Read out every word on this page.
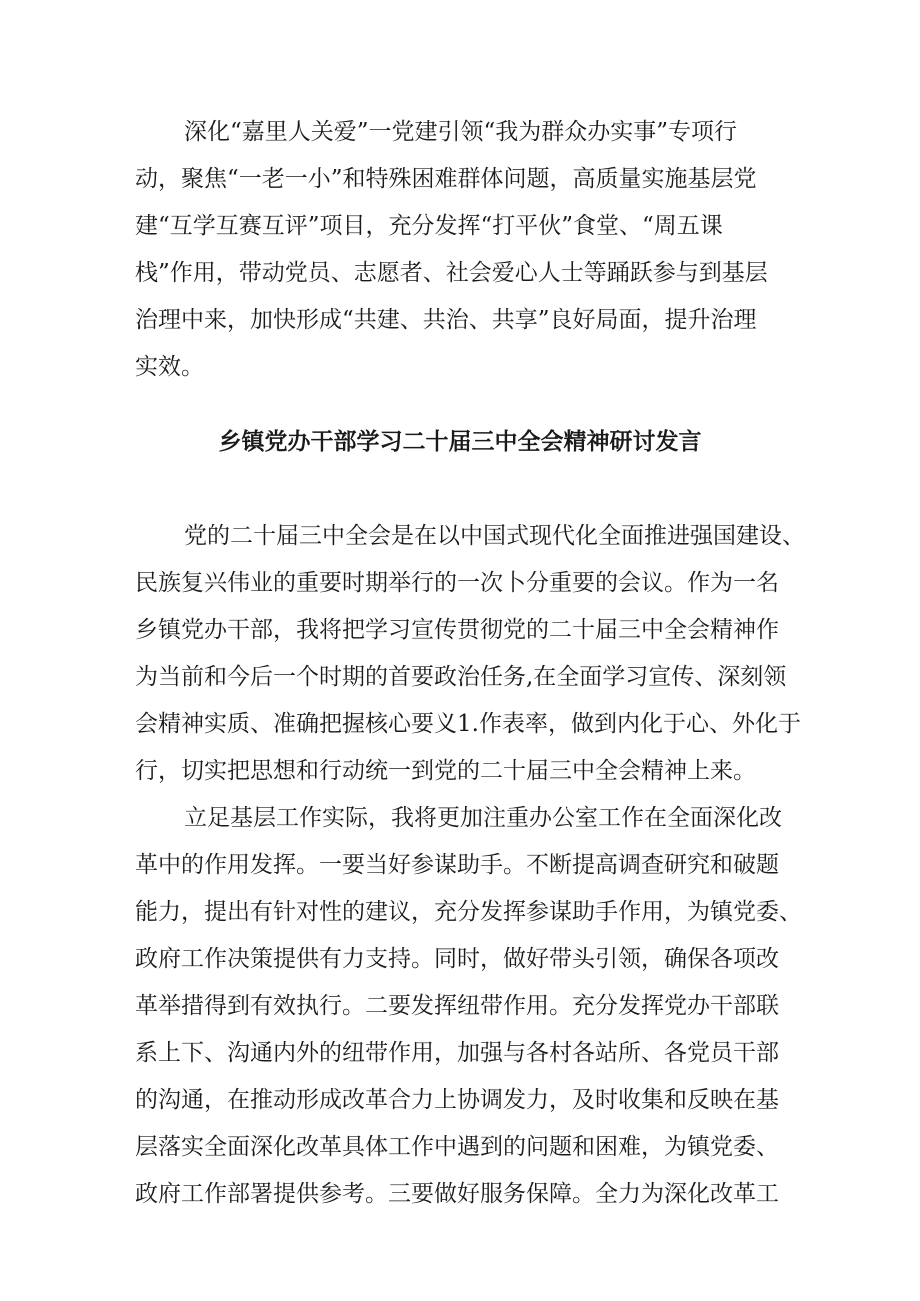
深化“嘉里人关爱”一党建引领“我为群众办实事”专项行
动，聚焦“一老一小”和特殊困难群体问题，高质量实施基层党
建“互学互赛互评”项目，充分发挥“打平伙”食堂、“周五课
栈”作用，带动党员、志愿者、社会爱心人士等踊跃参与到基层
治理中来，加快形成“共建、共治、共享”良好局面，提升治理
实效。
乡镇党办干部学习二十届三中全会精神研讨发言
党的二十届三中全会是在以中国式现代化全面推进强国建设、
民族复兴伟业的重要时期举行的一次卜分重要的会议。作为一名
乡镇党办干部，我将把学习宣传贯彻党的二十届三中全会精神作
为当前和今后一个时期的首要政治任务,在全面学习宣传、深刻领
会精神实质、准确把握核心要义1.作表率，做到内化于心、外化于
行，切实把思想和行动统一到党的二十届三中全会精神上来。
立足基层工作实际，我将更加注重办公室工作在全面深化改
革中的作用发挥。一要当好参谋助手。不断提高调查研究和破题
能力，提出有针对性的建议，充分发挥参谋助手作用，为镇党委、
政府工作决策提供有力支持。同时，做好带头引领，确保各项改
革举措得到有效执行。二要发挥纽带作用。充分发挥党办干部联
系上下、沟通内外的纽带作用，加强与各村各站所、各党员干部
的沟通，在推动形成改革合力上协调发力，及时收集和反映在基
层落实全面深化改革具体工作中遇到的问题和困难，为镇党委、
政府工作部署提供参考。三要做好服务保障。全力为深化改革工
